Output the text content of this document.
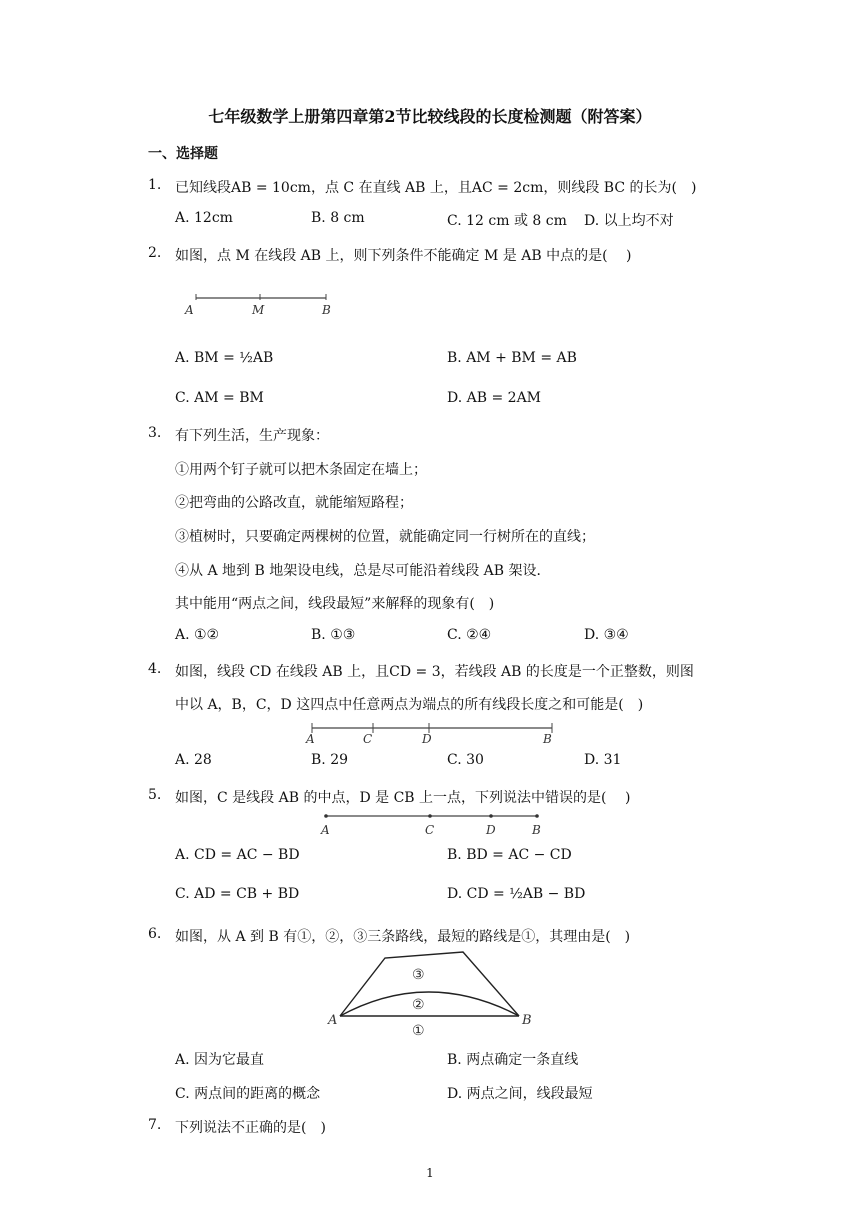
七年级数学上册第四章第2节比较线段的长度检测题（附答案）
一、选择题
1. 已知线段AB = 10cm，点 C 在直线 AB 上，且AC = 2cm，则线段 BC 的长为(　)
A. 12cm	B. 8 cm	C. 12 cm 或 8 cm D. 以上均不对
2. 如图，点 M 在线段 AB 上，则下列条件不能确定 M 是 AB 中点的是(　 )
A	M	B
A. BM = ½AB	B. AM + BM = AB
C. AM = BM	D. AB = 2AM
3. 有下列生活，生产现象：
①用两个钉子就可以把木条固定在墙上；
②把弯曲的公路改直，就能缩短路程；
③植树时，只要确定两棵树的位置，就能确定同一行树所在的直线；
④从 A 地到 B 地架设电线，总是尽可能沿着线段 AB 架设．
其中能用“两点之间，线段最短”来解释的现象有(　)
A. ①②	B. ①③	C. ②④	D. ③④
4. 如图，线段 CD 在线段 AB 上，且CD = 3，若线段 AB 的长度是一个正整数，则图
中以 A，B，C，D 这四点中任意两点为端点的所有线段长度之和可能是(　)
A	C	D	B
A. 28	B. 29	C. 30	D. 31
5. 如图，C 是线段 AB 的中点，D 是 CB 上一点，下列说法中错误的是(　 )
A	C	D	B
A. CD = AC − BD	B. BD = AC − CD
C. AD = CB + BD	D. CD = ½AB − BD
6. 如图，从 A 到 B 有①，②，③三条路线，最短的路线是①，其理由是(　)
A	B
①
②
③
A. 因为它最直	B. 两点确定一条直线
C. 两点间的距离的概念	D. 两点之间，线段最短
7. 下列说法不正确的是(　)
1
